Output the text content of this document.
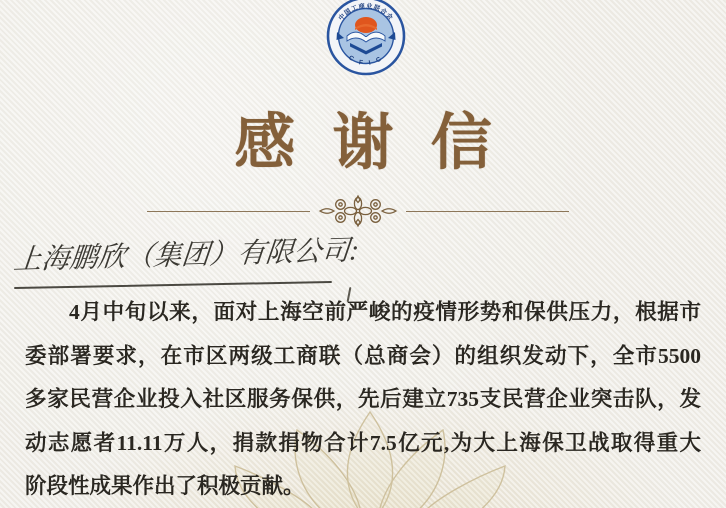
中国工商业联合会
C F I C
感 谢 信
上海鹏欣（集团）有限公司:
4月中旬以来，面对上海空前严峻的疫情形势和保供压力，根据市
委部署要求，在市区两级工商联（总商会）的组织发动下，全市5500
多家民营企业投入社区服务保供，先后建立735支民营企业突击队，发
动志愿者11.11万人，捐款捐物合计7.5亿元,为大上海保卫战取得重大
阶段性成果作出了积极贡献。
